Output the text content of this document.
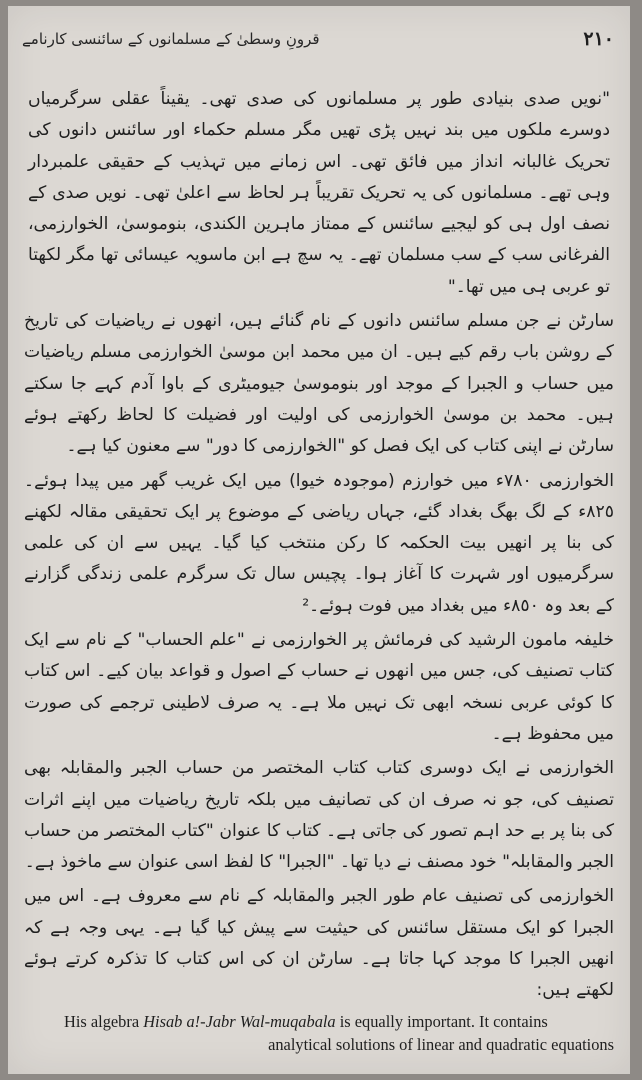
٢١٠
قرونِ وسطیٰ کے مسلمانوں کے سائنسی کارنامے

"نویں صدی بنیادی طور پر مسلمانوں کی صدی تھی۔ یقیناً عقلی سرگرمیاں دوسرے ملکوں میں بند نہیں پڑی تھیں مگر مسلم حکماء اور سائنس دانوں کی تحریک غالبانہ انداز میں فائق تھی۔ اس زمانے میں تہذیب کے حقیقی علمبردار وہی تھے۔ مسلمانوں کی یہ تحریک تقریباً ہر لحاظ سے اعلیٰ تھی۔ نویں صدی کے نصف اول ہی کو لیجیے سائنس کے ممتاز ماہرین الکندی، بنوموسیٰ، الخوارزمی، الفرغانی سب کے سب مسلمان تھے۔ یہ سچ ہے ابن ماسویہ عیسائی تھا مگر لکھتا تو عربی ہی میں تھا۔"

سارٹن نے جن مسلم سائنس دانوں کے نام گنائے ہیں، انھوں نے ریاضیات کی تاریخ کے روشن باب رقم کیے ہیں۔ ان میں محمد ابن موسیٰ الخوارزمی مسلم ریاضیات میں حساب و الجبرا کے موجد اور بنوموسیٰ جیومیٹری کے باوا آدم کہے جا سکتے ہیں۔ محمد بن موسیٰ الخوارزمی کی اولیت اور فضیلت کا لحاظ رکھتے ہوئے سارٹن نے اپنی کتاب کی ایک فصل کو "الخوارزمی کا دور" سے معنون کیا ہے۔

الخوارزمی ٧٨٠ء میں خوارزم (موجودہ خیوا) میں ایک غریب گھر میں پیدا ہوئے۔ ٨٢٥ء کے لگ بھگ بغداد گئے، جہاں ریاضی کے موضوع پر ایک تحقیقی مقالہ لکھنے کی بنا پر انھیں بیت الحکمہ کا رکن منتخب کیا گیا۔ یہیں سے ان کی علمی سرگرمیوں اور شہرت کا آغاز ہوا۔ پچیس سال تک سرگرم علمی زندگی گزارنے کے بعد وہ ٨٥٠ء میں بغداد میں فوت ہوئے۔²

خلیفہ مامون الرشید کی فرمائش پر الخوارزمی نے "علم الحساب" کے نام سے ایک کتاب تصنیف کی، جس میں انھوں نے حساب کے اصول و قواعد بیان کیے۔ اس کتاب کا کوئی عربی نسخہ ابھی تک نہیں ملا ہے۔ یہ صرف لاطینی ترجمے کی صورت میں محفوظ ہے۔

الخوارزمی نے ایک دوسری کتاب کتاب المختصر من حساب الجبر والمقابلہ بھی تصنیف کی، جو نہ صرف ان کی تصانیف میں بلکہ تاریخ ریاضیات میں اپنے اثرات کی بنا پر بے حد اہم تصور کی جاتی ہے۔ کتاب کا عنوان "کتاب المختصر من حساب الجبر والمقابلہ" خود مصنف نے دیا تھا۔ "الجبرا" کا لفظ اسی عنوان سے ماخوذ ہے۔

الخوارزمی کی تصنیف عام طور الجبر والمقابلہ کے نام سے معروف ہے۔ اس میں الجبرا کو ایک مستقل سائنس کی حیثیت سے پیش کیا گیا ہے۔ یہی وجہ ہے کہ انھیں الجبرا کا موجد کہا جاتا ہے۔ سارٹن ان کی اس کتاب کا تذکرہ کرتے ہوئے لکھتے ہیں:

His algebra Hisab a!-Jabr Wal-muqabala is equally important. It contains analytical solutions of linear and quadratic equations
